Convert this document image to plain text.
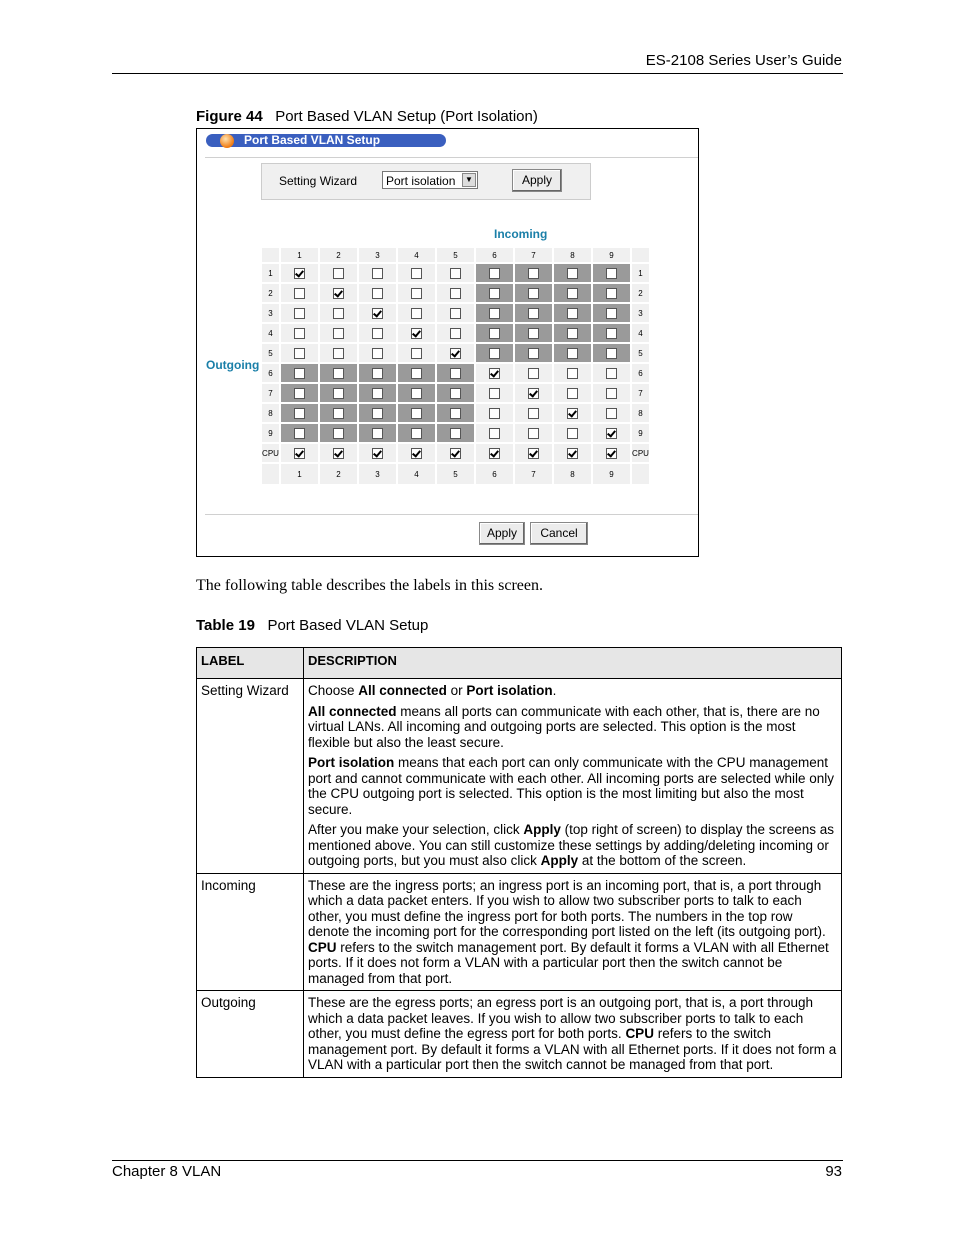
ES-2108 Series User’s Guide
Figure 44 Port Based VLAN Setup (Port Isolation)
Port Based VLAN Setup
Setting Wizard	Port isolation	▼	Apply
Incoming
Outgoing
	1	2	3	4	5	6	7	8	9	
1										1
2										2
3										3
4										4
5										5
6										6
7										7
8										8
9										9
CPU										CPU
	1	2	3	4	5	6	7	8	9	
Apply	Cancel
The following table describes the labels in this screen.
Table 19 Port Based VLAN Setup
LABEL	DESCRIPTION
Setting Wizard	Choose All connected or Port isolation.

All connected means all ports can communicate with each other, that is, there are no virtual LANs. All incoming and outgoing ports are selected. This option is the most flexible but also the least secure.

Port isolation means that each port can only communicate with the CPU management port and cannot communicate with each other. All incoming ports are selected while only the CPU outgoing port is selected. This option is the most limiting but also the most secure.

After you make your selection, click Apply (top right of screen) to display the screens as mentioned above. You can still customize these settings by adding/deleting incoming or outgoing ports, but you must also click Apply at the bottom of the screen.

Incoming	These are the ingress ports; an ingress port is an incoming port, that is, a port through which a data packet enters. If you wish to allow two subscriber ports to talk to each other, you must define the ingress port for both ports. The numbers in the top row denote the incoming port for the corresponding port listed on the left (its outgoing port). CPU refers to the switch management port. By default it forms a VLAN with all Ethernet ports. If it does not form a VLAN with a particular port then the switch cannot be managed from that port.

Outgoing	These are the egress ports; an egress port is an outgoing port, that is, a port through which a data packet leaves. If you wish to allow two subscriber ports to talk to each other, you must define the egress port for both ports. CPU refers to the switch management port. By default it forms a VLAN with all Ethernet ports. If it does not form a VLAN with a particular port then the switch cannot be managed from that port.

Chapter 8 VLAN	93
